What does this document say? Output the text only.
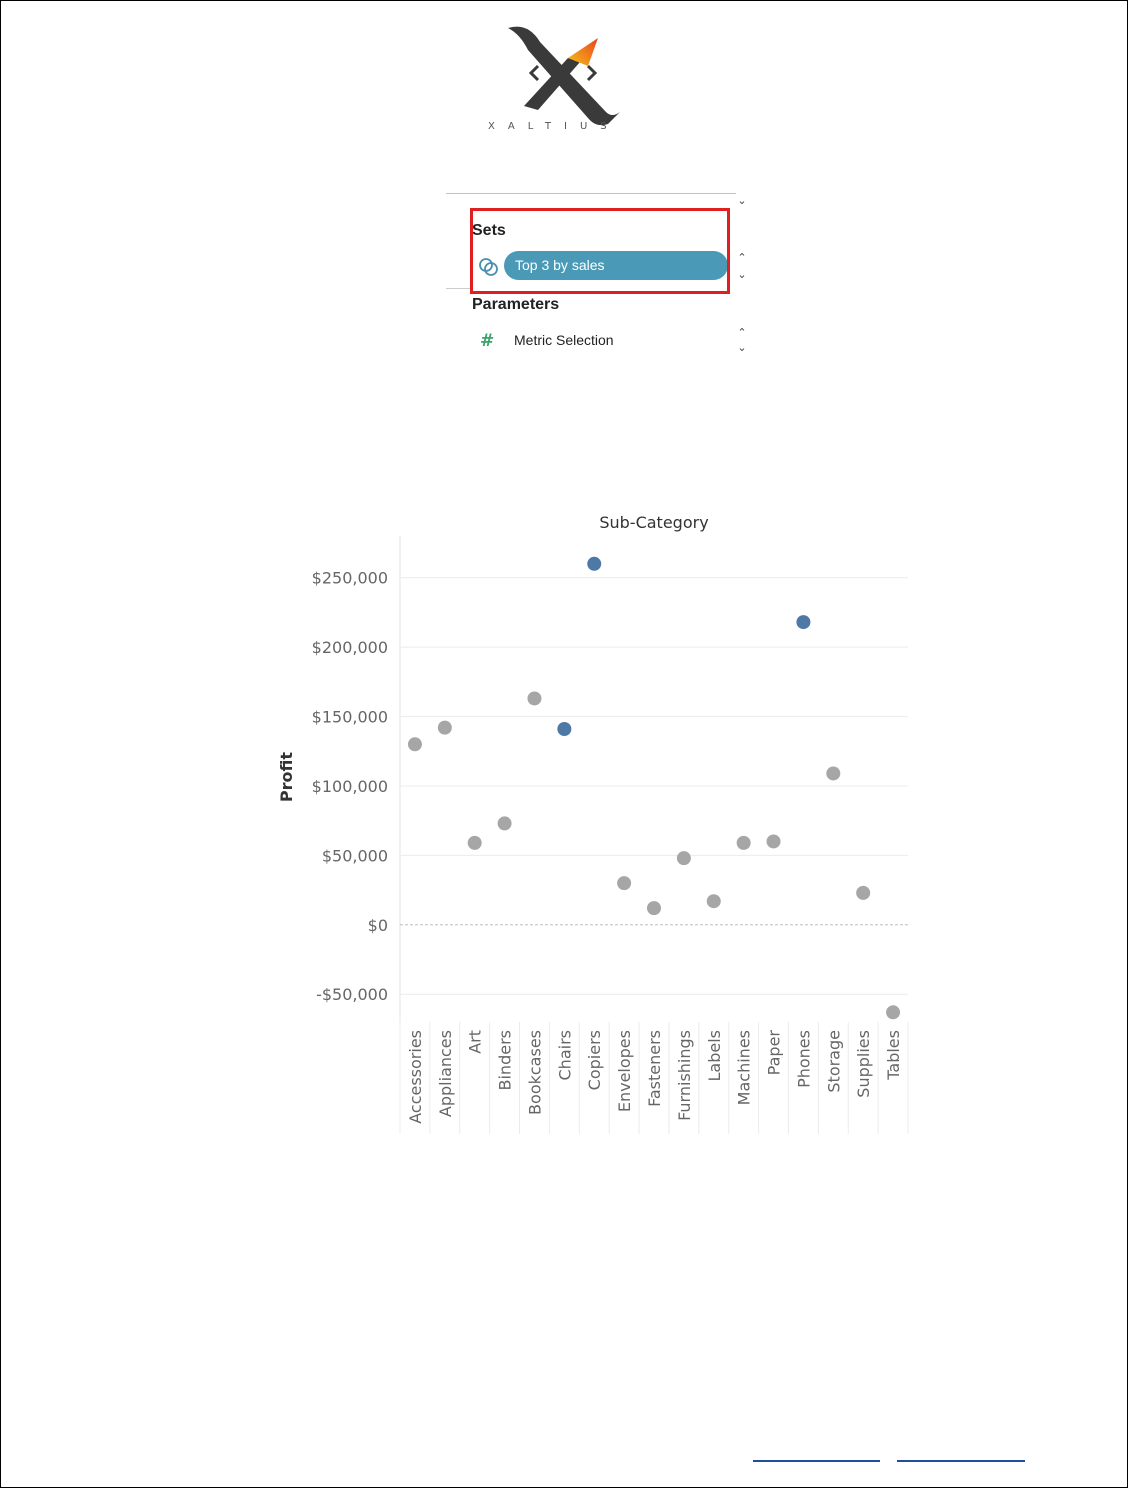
XALTIUS
⌄
Sets
Top 3 by sales	⌃
⌄
Parameters
# Metric Selection	⌃
⌄
Sub-Category
Profit
-$50,000
$0
$50,000
$100,000
$150,000
$200,000
$250,000
Accessories Appliances Art Binders Bookcases Chairs Copiers Envelopes Fasteners Furnishings Labels Machines Paper Phones Storage Supplies Tables
